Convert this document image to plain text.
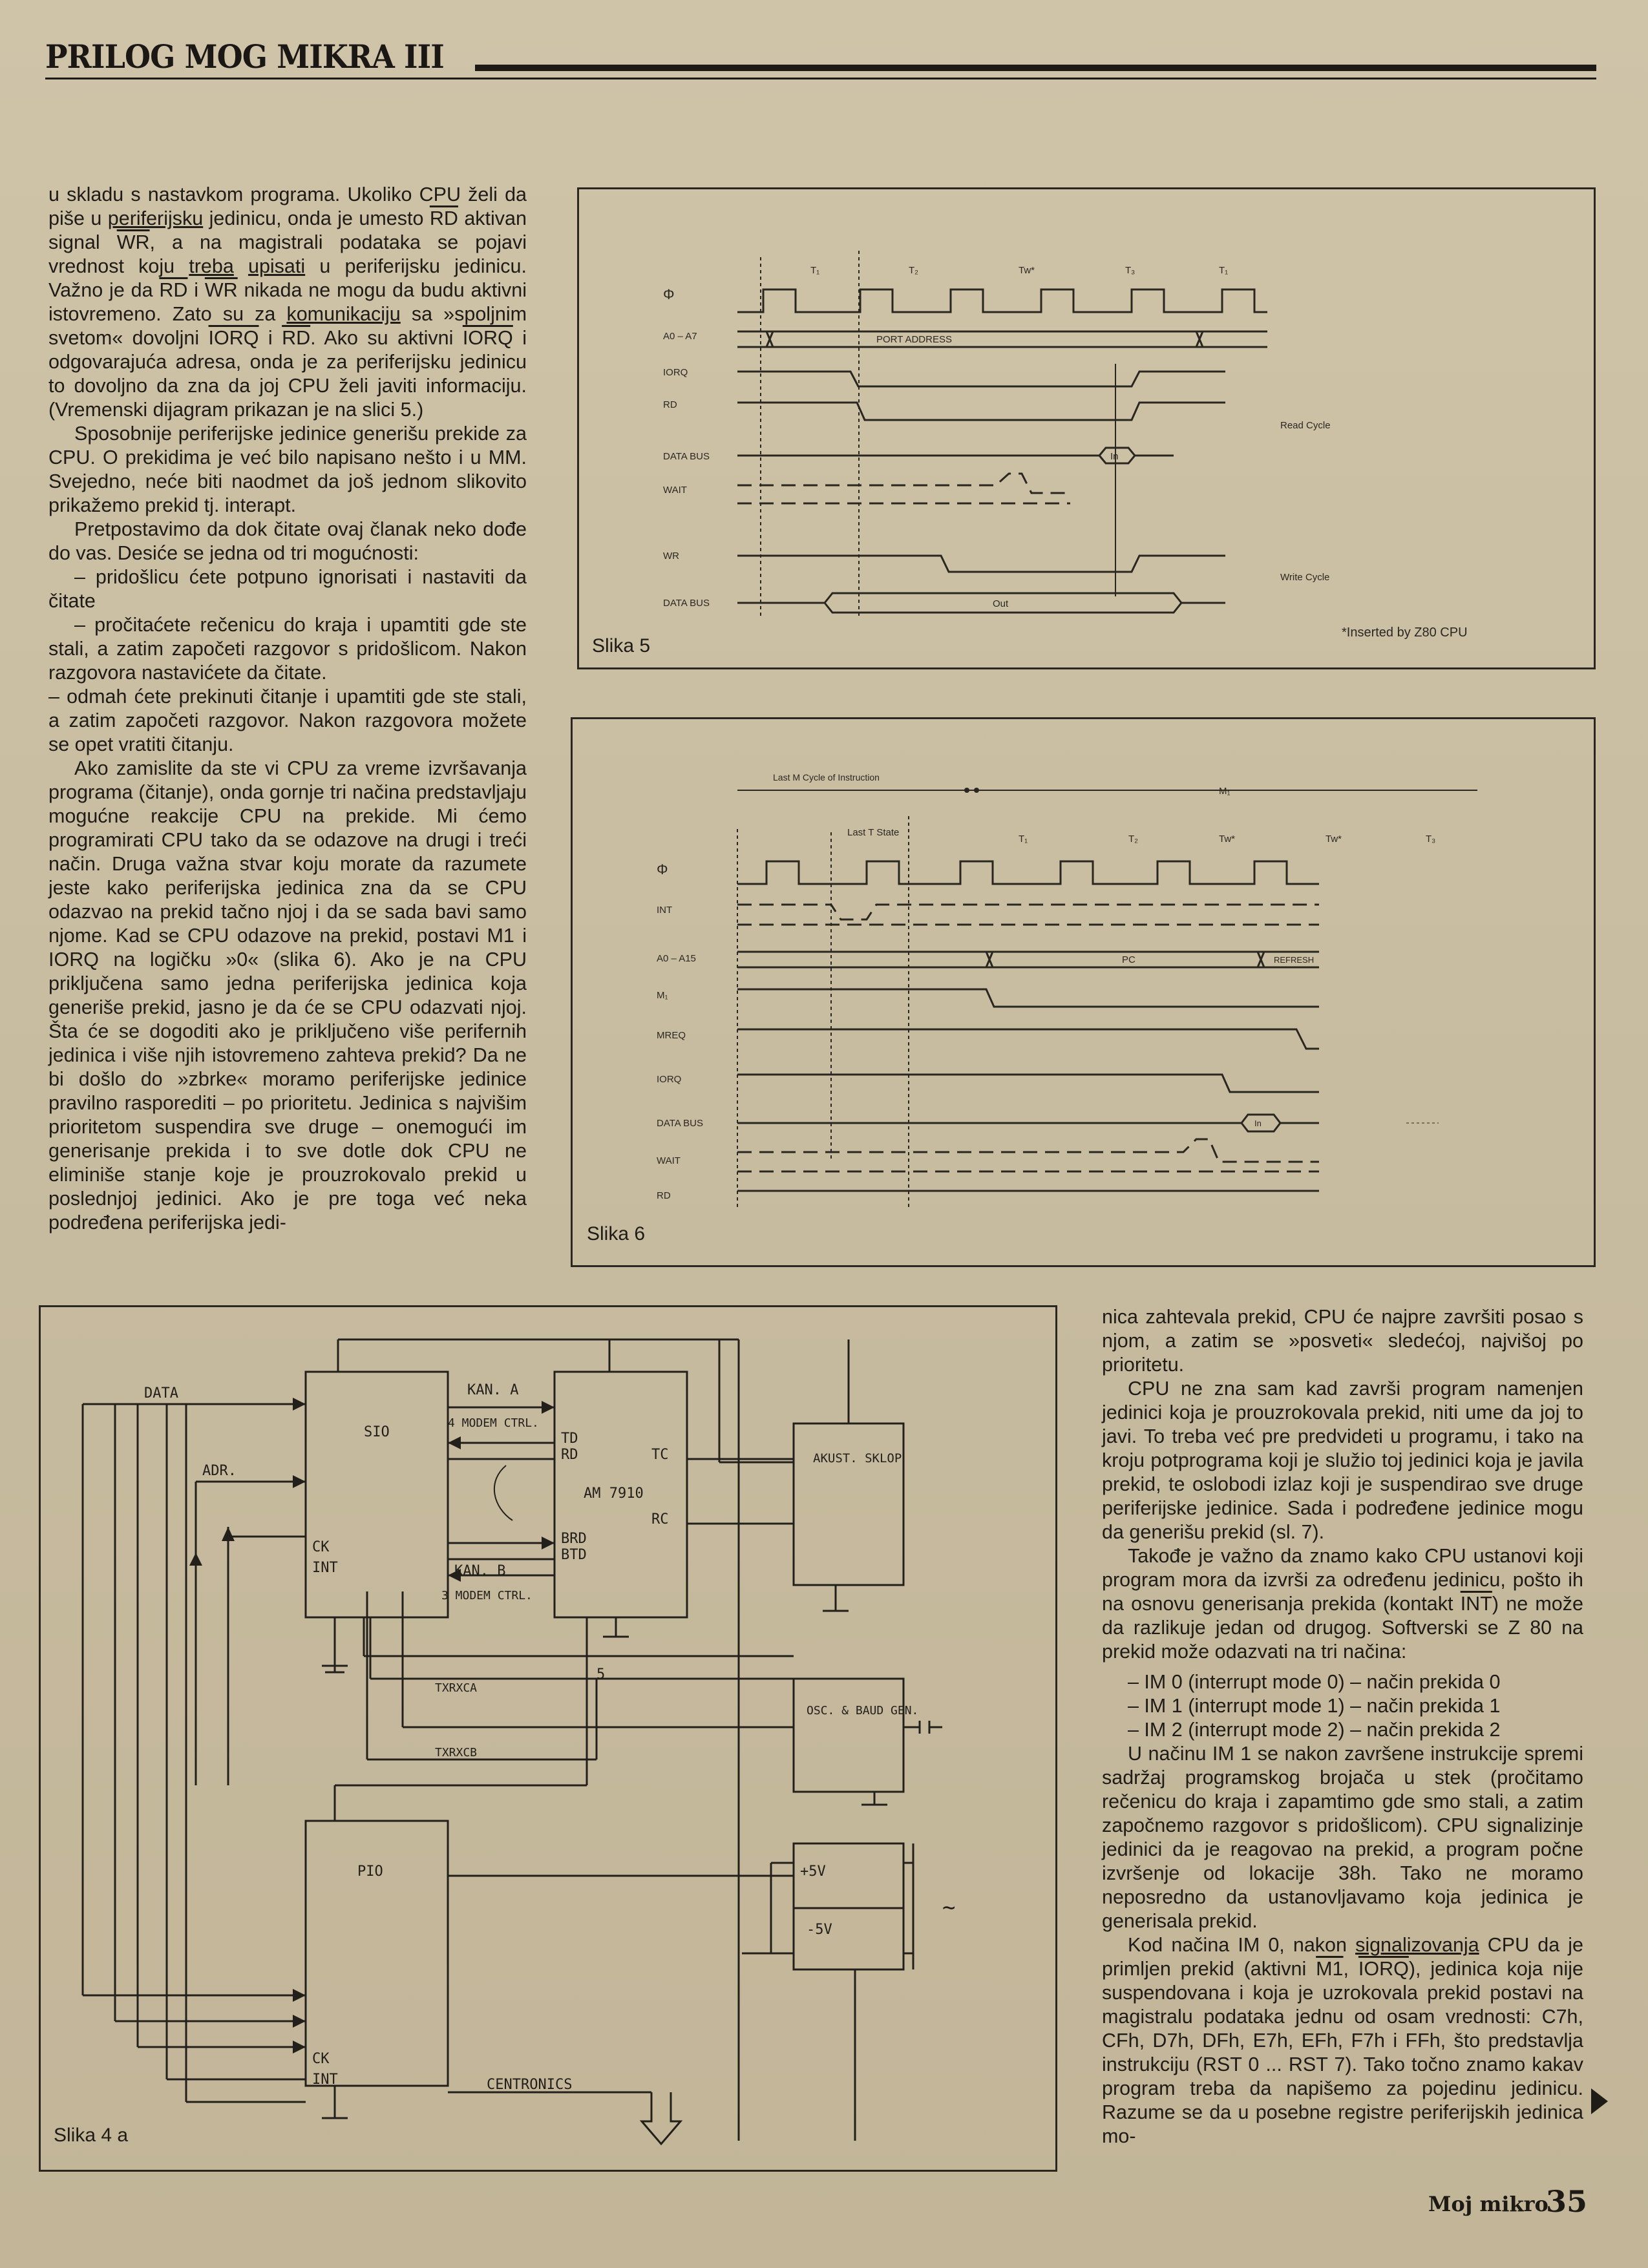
PRILOG MOG MIKRA III

u skladu s nastavkom programa. Ukoliko CPU želi da piše u periferijsku jedinicu, onda je umesto $\overline{RD}$ aktivan signal $\overline{WR}$, a na magistrali podataka se pojavi vrednost koju treba upisati u periferijsku jedinicu. Važno je da $\overline{RD}$ i $\overline{WR}$ nikada ne mogu da budu aktivni istovremeno. Zato su za komunikaciju sa »spoljnim svetom« dovoljni IORQ i $\overline{RD}$. Ako su aktivni IORQ i odgovarajuća adresa, onda je za periferijsku jedinicu to dovoljno da zna da joj CPU želi javiti informaciju. (Vremenski dijagram prikazan je na slici 5.)

Sposobnije periferijske jedinice generišu prekide za CPU. O prekidima je već bilo napisano nešto i u MM. Svejedno, neće biti naodmet da još jednom slikovito prikažemo prekid tj. interapt.

Pretpostavimo da dok čitate ovaj članak neko dođe do vas. Desiće se jedna od tri mogućnosti:

– pridošlicu ćete potpuno ignorisati i nastaviti da čitate

– pročitaćete rečenicu do kraja i upamtiti gde ste stali, a zatim započeti razgovor s pridošlicom. Nakon razgovora nastavićete da čitate.

– odmah ćete prekinuti čitanje i upamtiti gde ste stali, a zatim započeti razgovor. Nakon razgovora možete se opet vratiti čitanju.

Ako zamislite da ste vi CPU za vreme izvršavanja programa (čitanje), onda gornje tri načina predstavljaju mogućne reakcije CPU na prekide. Mi ćemo programirati CPU tako da se odazove na drugi i treći način. Druga važna stvar koju morate da razumete jeste kako periferijska jedinica zna da se CPU odazvao na prekid tačno njoj i da se sada bavi samo njome. Kad se CPU odazove na prekid, postavi M1 i IORQ na logičku »0« (slika 6). Ako je na CPU priključena samo jedna periferijska jedinica koja generiše prekid, jasno je da će se CPU odazvati njoj. Šta će se dogoditi ako je priključeno više perifernih jedinica i više njih istovremeno zahteva prekid? Da ne bi došlo do »zbrke« moramo periferijske jedinice pravilno rasporediti – po prioritetu. Jedinica s najvišim prioritetom suspendira sve druge – onemogući im generisanje prekida i to sve dotle dok CPU ne eliminiše stanje koje je prouzrokovalo prekid u poslednjoj jedinici. Ako je pre toga već neka podređena periferijska jedi-

T₁	T₂	Tw*	T₃	T₁
Φ
A0 – A7
IORQ
RD
DATA BUS
WAIT
WR
DATA BUS
PORT ADDRESS
In
Out
Read Cycle
Write Cycle
*Inserted by Z80 CPU
Slika 5
Last M Cycle of Instruction
M₁
Last T State
T₁	T₂	Tw*	Tw*	T₃
Φ
INT
A0 – A15
M₁
MREQ
IORQ
DATA BUS
WAIT
RD
PC	REFRESH
In
Slika 6
SIO
AM 7910
AKUST. SKLOP
OSC. & BAUD GEN.
PIO	+5V
-5V
DATA
ADR.
CK
INT
KAN. A
4 MODEM CTRL.
KAN. B
3 MODEM CTRL.
TD
RD
BRD
BTD
TC
RC
TXRXCA
TXRXCB
5
CK
INT	CENTRONICS
~
Slika 4 a

nica zahtevala prekid, CPU će najpre završiti posao s njom, a zatim se »posveti« sledećoj, najvišoj po prioritetu.

CPU ne zna sam kad završi program namenjen jedinici koja je prouzrokovala prekid, niti ume da joj to javi. To treba već pre predvideti u programu, i tako na kroju potprograma koji je služio toj jedinici koja je javila prekid, te oslobodi izlaz koji je suspendirao sve druge periferijske jedinice. Sada i podređene jedinice mogu da generišu prekid (sl. 7).

Takođe je važno da znamo kako CPU ustanovi koji program mora da izvrši za određenu jedinicu, pošto ih na osnovu generisanja prekida (kontakt $\overline{INT}$) ne može da razlikuje jedan od drugog. Softverski se Z 80 na prekid može odazvati na tri načina:

– IM 0 (interrupt mode 0) – način prekida 0

– IM 1 (interrupt mode 1) – način prekida 1

– IM 2 (interrupt mode 2) – način prekida 2

U načinu IM 1 se nakon završene instrukcije spremi sadržaj programskog brojača u stek (pročitamo rečenicu do kraja i zapamtimo gde smo stali, a zatim započnemo razgovor s pridošlicom). CPU signalizinje jedinici da je reagovao na prekid, a program počne izvršenje od lokacije 38h. Tako ne moramo neposredno da ustanovljavamo koja jedinica je generisala prekid.

Kod načina IM 0, nakon signalizovanja CPU da je primljen prekid (aktivni M1, IORQ), jedinica koja nije suspendovana i koja je uzrokovala prekid postavi na magistralu podataka jednu od osam vrednosti: C7h, CFh, D7h, DFh, E7h, EFh, F7h i FFh, što predstavlja instrukciju (RST 0 ... RST 7). Tako točno znamo kakav program treba da napišemo za pojedinu jedinicu. Razume se da u posebne registre periferijskih jedinica mo-

Moj mikro
35
